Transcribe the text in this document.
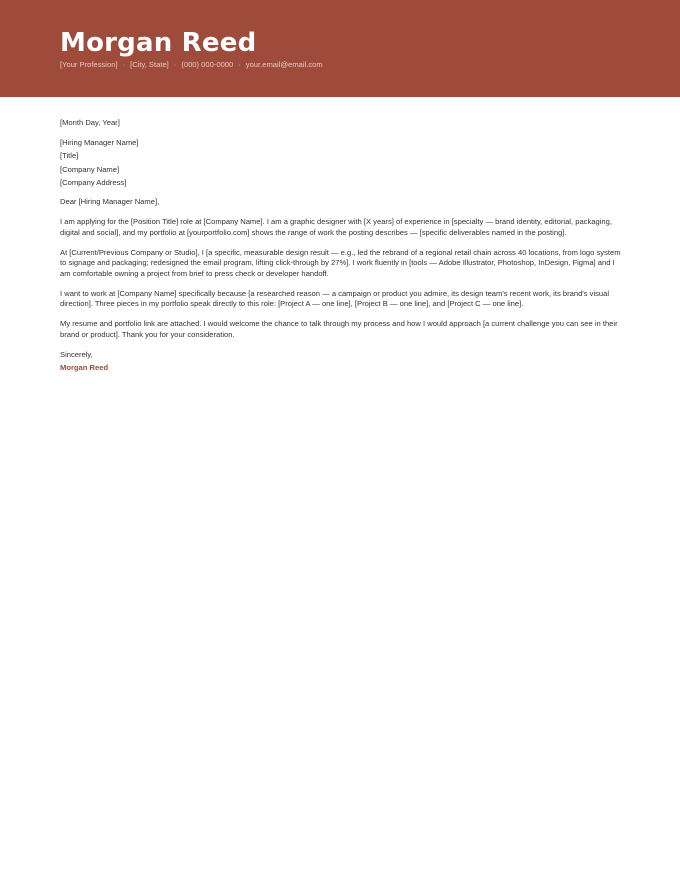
Morgan Reed
[Your Profession] · [City, State] · (000) 000-0000 · your.email@email.com

[Month Day, Year]

[Hiring Manager Name]
[Title]
[Company Name]
[Company Address]

Dear [Hiring Manager Name],

I am applying for the [Position Title] role at [Company Name]. I am a graphic designer with [X years] of experience in [specialty — brand identity, editorial, packaging, digital and social], and my portfolio at [yourportfolio.com] shows the range of work the posting describes — [specific deliverables named in the posting].

At [Current/Previous Company or Studio], I [a specific, measurable design result — e.g., led the rebrand of a regional retail chain across 40 locations, from logo system to signage and packaging; redesigned the email program, lifting click-through by 27%]. I work fluently in [tools — Adobe Illustrator, Photoshop, InDesign, Figma] and I am comfortable owning a project from brief to press check or developer handoff.

I want to work at [Company Name] specifically because [a researched reason — a campaign or product you admire, its design team's recent work, its brand's visual direction]. Three pieces in my portfolio speak directly to this role: [Project A — one line], [Project B — one line], and [Project C — one line].

My resume and portfolio link are attached. I would welcome the chance to talk through my process and how I would approach [a current challenge you can see in their brand or product]. Thank you for your consideration.

Sincerely,

Morgan Reed
